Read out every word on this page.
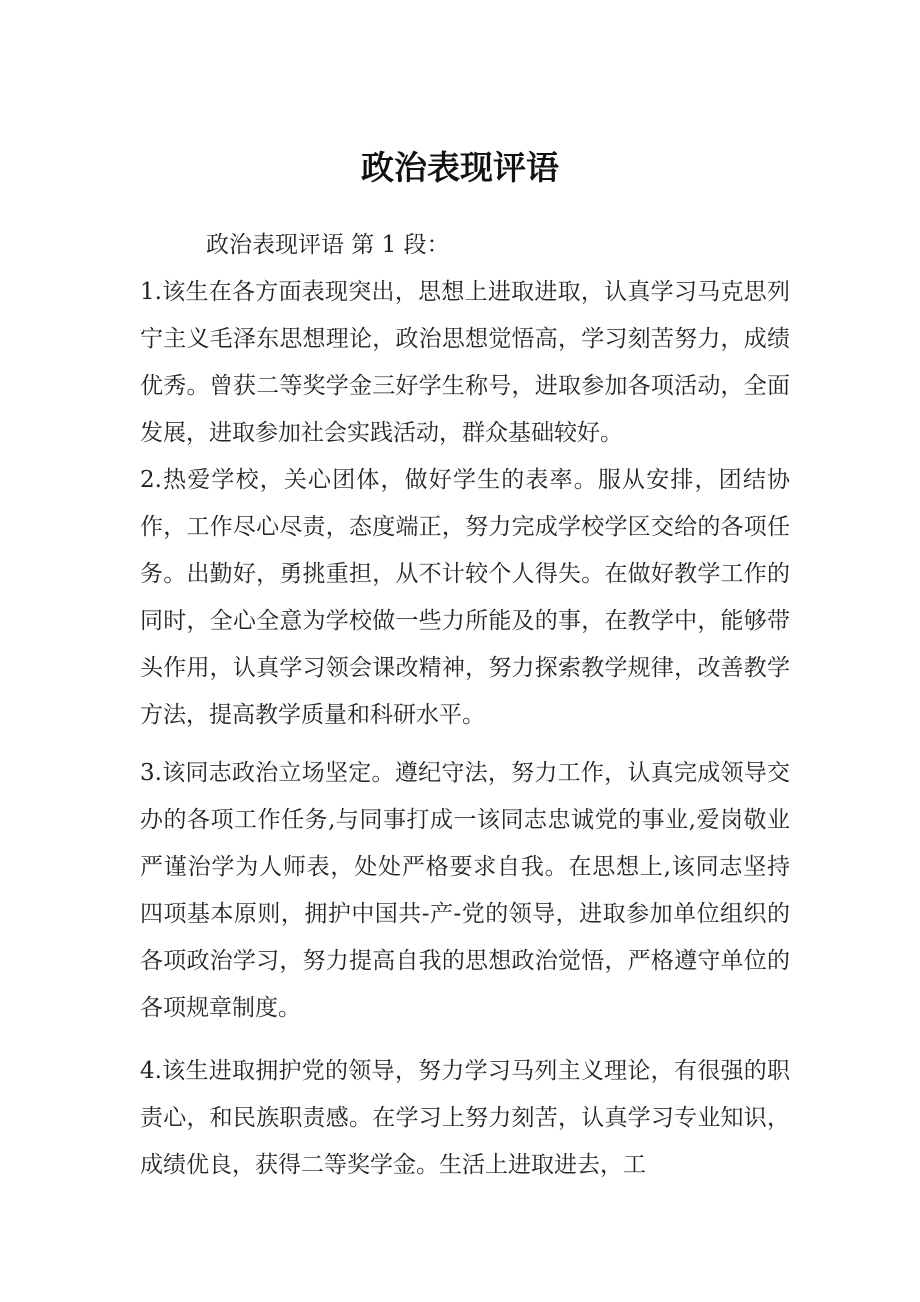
政治表现评语
政治表现评语 第 1 段：

1.该生在各方面表现突出，思想上进取进取，认真学习马克思列宁主义毛泽东思想理论，政治思想觉悟高，学习刻苦努力，成绩优秀。曾获二等奖学金三好学生称号，进取参加各项活动，全面发展，进取参加社会实践活动，群众基础较好。

2.热爱学校，关心团体，做好学生的表率。服从安排，团结协作，工作尽心尽责，态度端正，努力完成学校学区交给的各项任务。出勤好，勇挑重担，从不计较个人得失。在做好教学工作的同时，全心全意为学校做一些力所能及的事，在教学中，能够带头作用，认真学习领会课改精神，努力探索教学规律，改善教学方法，提高教学质量和科研水平。

3.该同志政治立场坚定。遵纪守法，努力工作，认真完成领导交办的各项工作任务,与同事打成一该同志忠诚党的事业,爱岗敬业严谨治学为人师表，处处严格要求自我。在思想上,该同志坚持四项基本原则，拥护中国共-产-党的领导，进取参加单位组织的各项政治学习，努力提高自我的思想政治觉悟，严格遵守单位的各项规章制度。

4.该生进取拥护党的领导，努力学习马列主义理论，有很强的职责心，和民族职责感。在学习上努力刻苦，认真学习专业知识，成绩优良，获得二等奖学金。生活上进取进去，工
